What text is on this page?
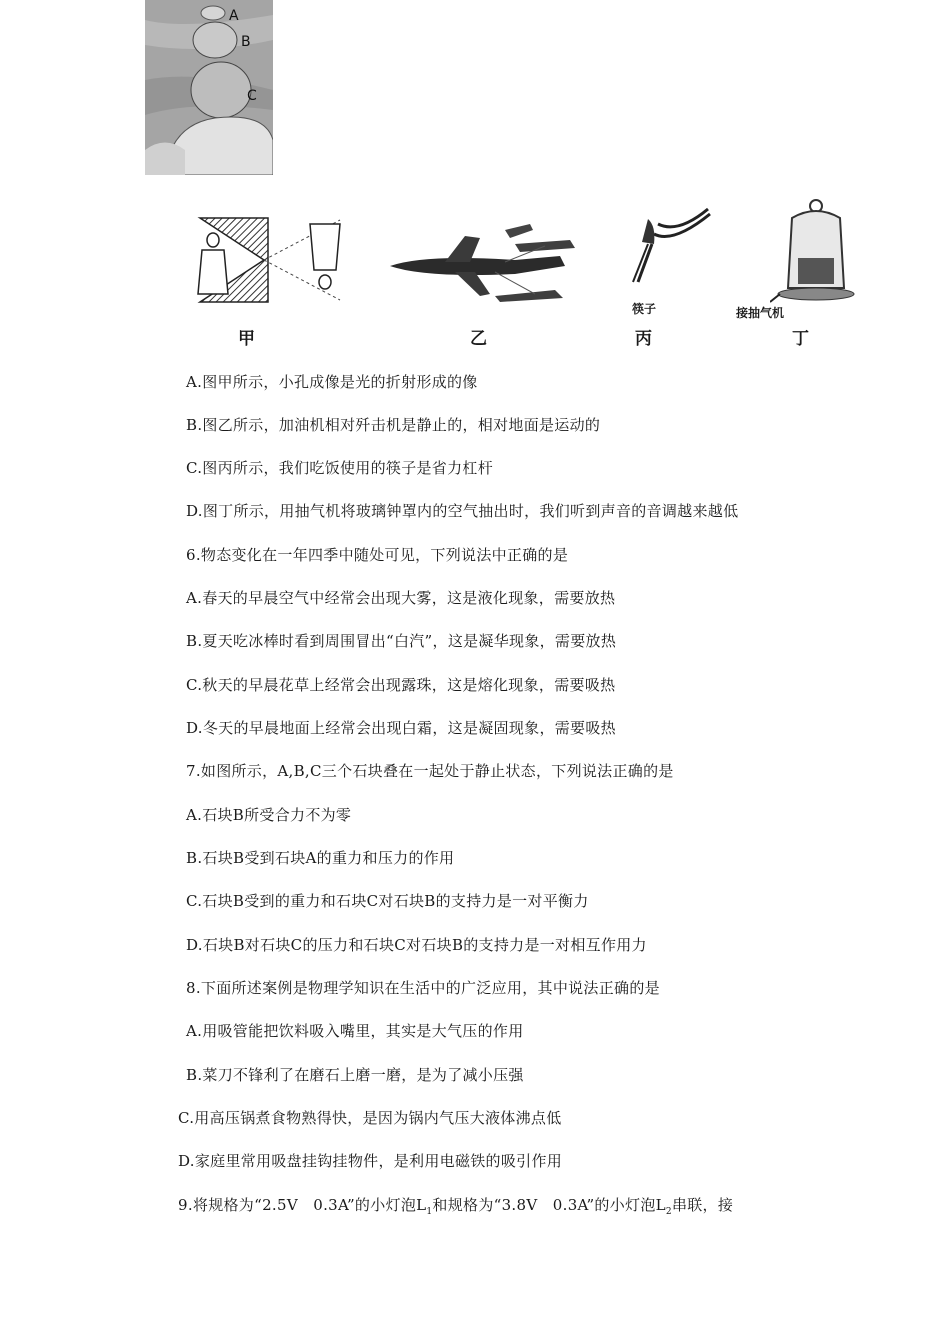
A
B
C
甲	乙
筷子
丙
接抽气机
丁
A.图甲所示，小孔成像是光的折射形成的像
B.图乙所示，加油机相对歼击机是静止的，相对地面是运动的
C.图丙所示，我们吃饭使用的筷子是省力杠杆
D.图丁所示，用抽气机将玻璃钟罩内的空气抽出时，我们听到声音的音调越来越低
6.物态变化在一年四季中随处可见，下列说法中正确的是
A.春天的早晨空气中经常会出现大雾，这是液化现象，需要放热
B.夏天吃冰棒时看到周围冒出“白汽”，这是凝华现象，需要放热
C.秋天的早晨花草上经常会出现露珠，这是熔化现象，需要吸热
D.冬天的早晨地面上经常会出现白霜，这是凝固现象，需要吸热
7.如图所示，A,B,C三个石块叠在一起处于静止状态，下列说法正确的是
A.石块B所受合力不为零
B.石块B受到石块A的重力和压力的作用
C.石块B受到的重力和石块C对石块B的支持力是一对平衡力
D.石块B对石块C的压力和石块C对石块B的支持力是一对相互作用力
8.下面所述案例是物理学知识在生活中的广泛应用，其中说法正确的是
A.用吸管能把饮料吸入嘴里，其实是大气压的作用
B.菜刀不锋利了在磨石上磨一磨，是为了减小压强
C.用高压锅煮食物熟得快，是因为锅内气压大液体沸点低
D.家庭里常用吸盘挂钩挂物件，是利用电磁铁的吸引作用
9.将规格为“2.5V　0.3A”的小灯泡$L_1$和规格为“3.8V　0.3A”的小灯泡$L_2$串联，接
